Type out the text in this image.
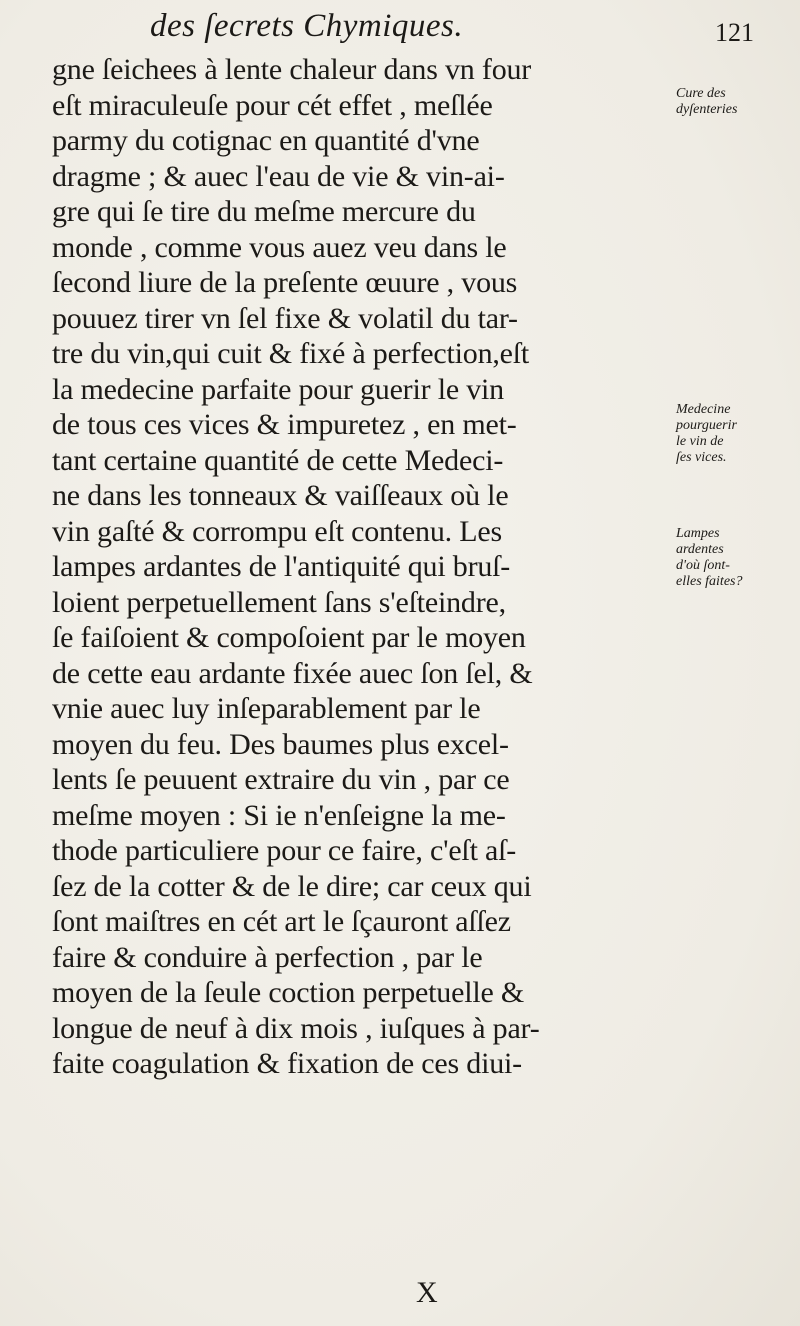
des ſecrets Chymiques.	121
gne ſeichees à lente chaleur dans vn four
eſt miraculeuſe pour cét effet , meſlée
parmy du cotignac en quantité d'vne
dragme ; & auec l'eau de vie & vin-ai-
gre qui ſe tire du meſme mercure du
monde , comme vous auez veu dans le
ſecond liure de la preſente œuure , vous
pouuez tirer vn ſel fixe & volatil du tar-
tre du vin,qui cuit & fixé à perfection,eſt
la medecine parfaite pour guerir le vin
de tous ces vices & impuretez , en met-
tant certaine quantité de cette Medeci-
ne dans les tonneaux & vaiſſeaux où le
vin gaſté & corrompu eſt contenu. Les
lampes ardantes de l'antiquité qui bruſ-
loient perpetuellement ſans s'eſteindre,
ſe faiſoient & compoſoient par le moyen
de cette eau ardante fixée auec ſon ſel, &
vnie auec luy inſeparablement par le
moyen du feu. Des baumes plus excel-
lents ſe peuuent extraire du vin , par ce
meſme moyen : Si ie n'enſeigne la me-
thode particuliere pour ce faire, c'eſt aſ-
ſez de la cotter & de le dire; car ceux qui
ſont maiſtres en cét art le ſçauront aſſez
faire & conduire à perfection , par le
moyen de la ſeule coction perpetuelle &
longue de neuf à dix mois , iuſques à par-
faite coagulation & fixation de ces diui-
Cure des
dyſenteries
Medecine
pourguerir
le vin de
ſes vices.
Lampes
ardentes
d'où ſont-
elles faites?
X
